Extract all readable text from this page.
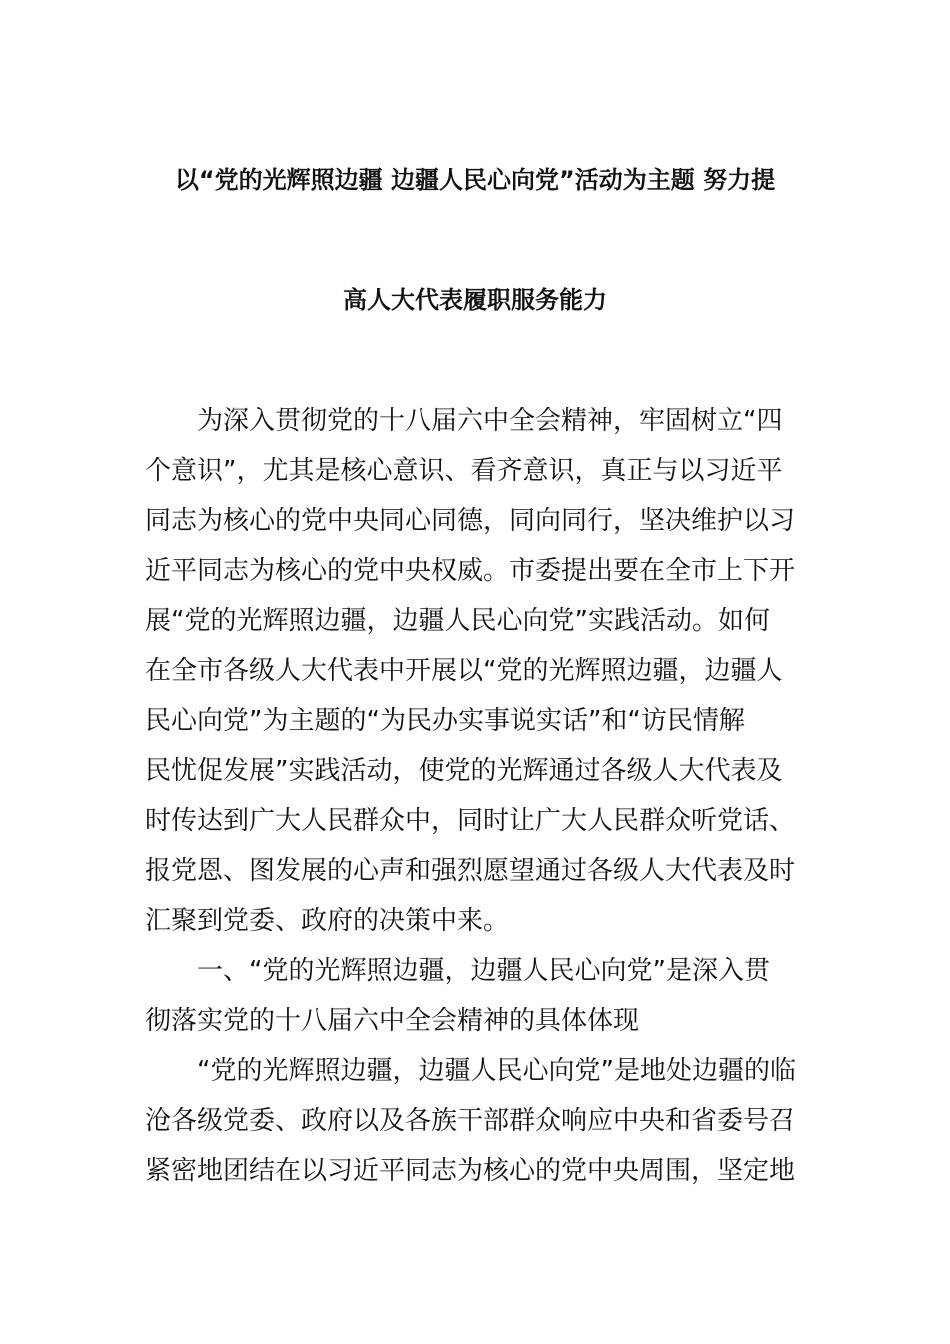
以“党的光辉照边疆 边疆人民心向党”活动为主题 努力提
高人大代表履职服务能力
　　为深入贯彻党的十八届六中全会精神，牢固树立“四
个意识”，尤其是核心意识、看齐意识，真正与以习近平
同志为核心的党中央同心同德，同向同行，坚决维护以习
近平同志为核心的党中央权威。市委提出要在全市上下开
展“党的光辉照边疆，边疆人民心向党”实践活动。如何
在全市各级人大代表中开展以“党的光辉照边疆，边疆人
民心向党”为主题的“为民办实事说实话”和“访民情解
民忧促发展”实践活动，使党的光辉通过各级人大代表及
时传达到广大人民群众中，同时让广大人民群众听党话、
报党恩、图发展的心声和强烈愿望通过各级人大代表及时
汇聚到党委、政府的决策中来。
　　一、“党的光辉照边疆，边疆人民心向党”是深入贯
彻落实党的十八届六中全会精神的具体体现
　　“党的光辉照边疆，边疆人民心向党”是地处边疆的临
沧各级党委、政府以及各族干部群众响应中央和省委号召
紧密地团结在以习近平同志为核心的党中央周围，坚定地
